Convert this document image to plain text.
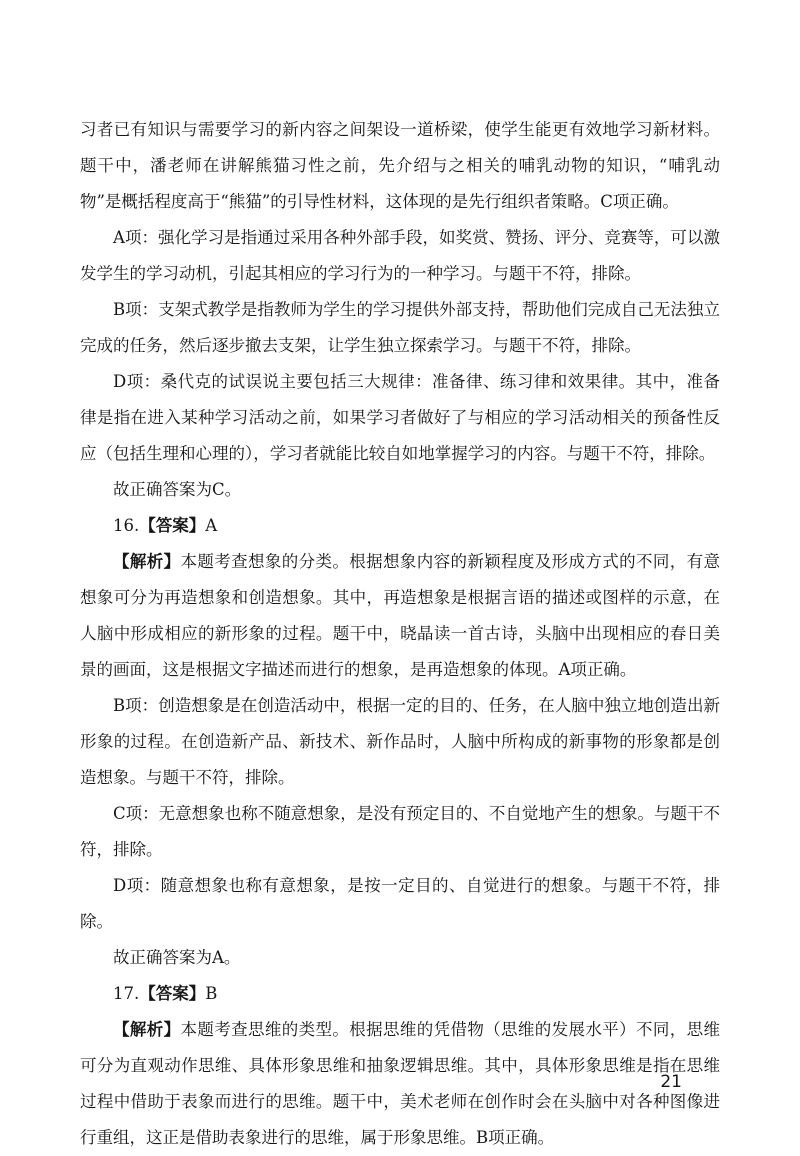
习者已有知识与需要学习的新内容之间架设一道桥梁，使学生能更有效地学习新材料。题干中，潘老师在讲解熊猫习性之前，先介绍与之相关的哺乳动物的知识，“哺乳动物”是概括程度高于“熊猫”的引导性材料，这体现的是先行组织者策略。C项正确。

A项：强化学习是指通过采用各种外部手段，如奖赏、赞扬、评分、竞赛等，可以激发学生的学习动机，引起其相应的学习行为的一种学习。与题干不符，排除。

B项：支架式教学是指教师为学生的学习提供外部支持，帮助他们完成自己无法独立完成的任务，然后逐步撤去支架，让学生独立探索学习。与题干不符，排除。

D项：桑代克的试误说主要包括三大规律：准备律、练习律和效果律。其中，准备律是指在进入某种学习活动之前，如果学习者做好了与相应的学习活动相关的预备性反应（包括生理和心理的），学习者就能比较自如地掌握学习的内容。与题干不符，排除。

故正确答案为C。

16.【答案】A

【解析】本题考查想象的分类。根据想象内容的新颖程度及形成方式的不同，有意想象可分为再造想象和创造想象。其中，再造想象是根据言语的描述或图样的示意，在人脑中形成相应的新形象的过程。题干中，晓晶读一首古诗，头脑中出现相应的春日美景的画面，这是根据文字描述而进行的想象，是再造想象的体现。A项正确。

B项：创造想象是在创造活动中，根据一定的目的、任务，在人脑中独立地创造出新形象的过程。在创造新产品、新技术、新作品时，人脑中所构成的新事物的形象都是创造想象。与题干不符，排除。

C项：无意想象也称不随意想象，是没有预定目的、不自觉地产生的想象。与题干不符，排除。

D项：随意想象也称有意想象，是按一定目的、自觉进行的想象。与题干不符，排除。

故正确答案为A。

17.【答案】B

【解析】本题考查思维的类型。根据思维的凭借物（思维的发展水平）不同，思维可分为直观动作思维、具体形象思维和抽象逻辑思维。其中，具体形象思维是指在思维过程中借助于表象而进行的思维。题干中，美术老师在创作时会在头脑中对各种图像进行重组，这正是借助表象进行的思维，属于形象思维。B项正确。

21
